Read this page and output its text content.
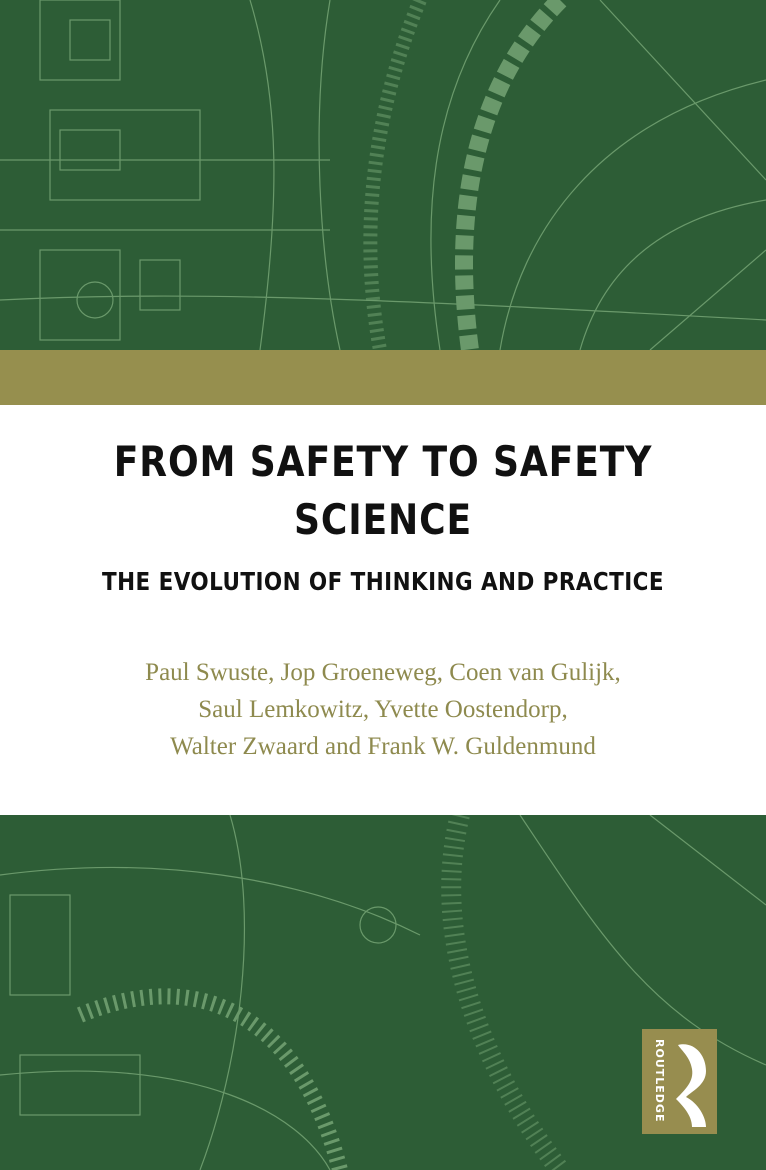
FROM SAFETY TO SAFETY
SCIENCE
THE EVOLUTION OF THINKING AND PRACTICE
Paul Swuste, Jop Groeneweg, Coen van Gulijk,
Saul Lemkowitz, Yvette Oostendorp,
Walter Zwaard and Frank W. Guldenmund
ROUTLEDGE
